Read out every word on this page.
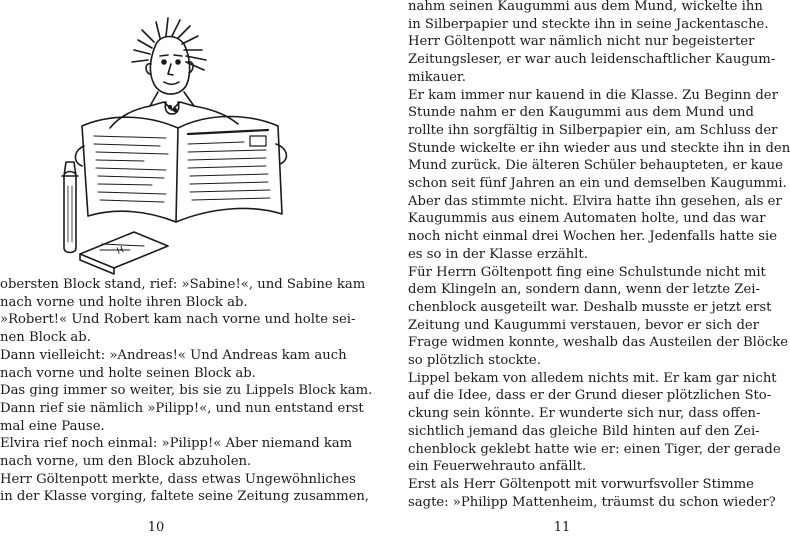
H
obersten Block stand, rief: »Sabine!«, und Sabine kam
nach vorne und holte ihren Block ab.
»Robert!« Und Robert kam nach vorne und holte sei-
nen Block ab.
Dann vielleicht: »Andreas!« Und Andreas kam auch
nach vorne und holte seinen Block ab.
Das ging immer so weiter, bis sie zu Lippels Block kam.
Dann rief sie nämlich »Pilipp!«, und nun entstand erst
mal eine Pause.
Elvira rief noch einmal: »Pilipp!« Aber niemand kam
nach vorne, um den Block abzuholen.
Herr Göltenpott merkte, dass etwas Ungewöhnliches
in der Klasse vorging, faltete seine Zeitung zusammen,
10
nahm seinen Kaugummi aus dem Mund, wickelte ihn
in Silberpapier und steckte ihn in seine Jackentasche.
Herr Göltenpott war nämlich nicht nur begeisterter
Zeitungsleser, er war auch leidenschaftlicher Kaugum-
mikauer.
Er kam immer nur kauend in die Klasse. Zu Beginn der
Stunde nahm er den Kaugummi aus dem Mund und
rollte ihn sorgfältig in Silberpapier ein, am Schluss der
Stunde wickelte er ihn wieder aus und steckte ihn in den
Mund zurück. Die älteren Schüler behaupteten, er kaue
schon seit fünf Jahren an ein und demselben Kaugummi.
Aber das stimmte nicht. Elvira hatte ihn gesehen, als er
Kaugummis aus einem Automaten holte, und das war
noch nicht einmal drei Wochen her. Jedenfalls hatte sie
es so in der Klasse erzählt.
Für Herrn Göltenpott fing eine Schulstunde nicht mit
dem Klingeln an, sondern dann, wenn der letzte Zei-
chenblock ausgeteilt war. Deshalb musste er jetzt erst
Zeitung und Kaugummi verstauen, bevor er sich der
Frage widmen konnte, weshalb das Austeilen der Blöcke
so plötzlich stockte.
Lippel bekam von alledem nichts mit. Er kam gar nicht
auf die Idee, dass er der Grund dieser plötzlichen Sto-
ckung sein könnte. Er wunderte sich nur, dass offen-
sichtlich jemand das gleiche Bild hinten auf den Zei-
chenblock geklebt hatte wie er: einen Tiger, der gerade
ein Feuerwehrauto anfällt.
Erst als Herr Göltenpott mit vorwurfsvoller Stimme
sagte: »Philipp Mattenheim, träumst du schon wieder?
11
